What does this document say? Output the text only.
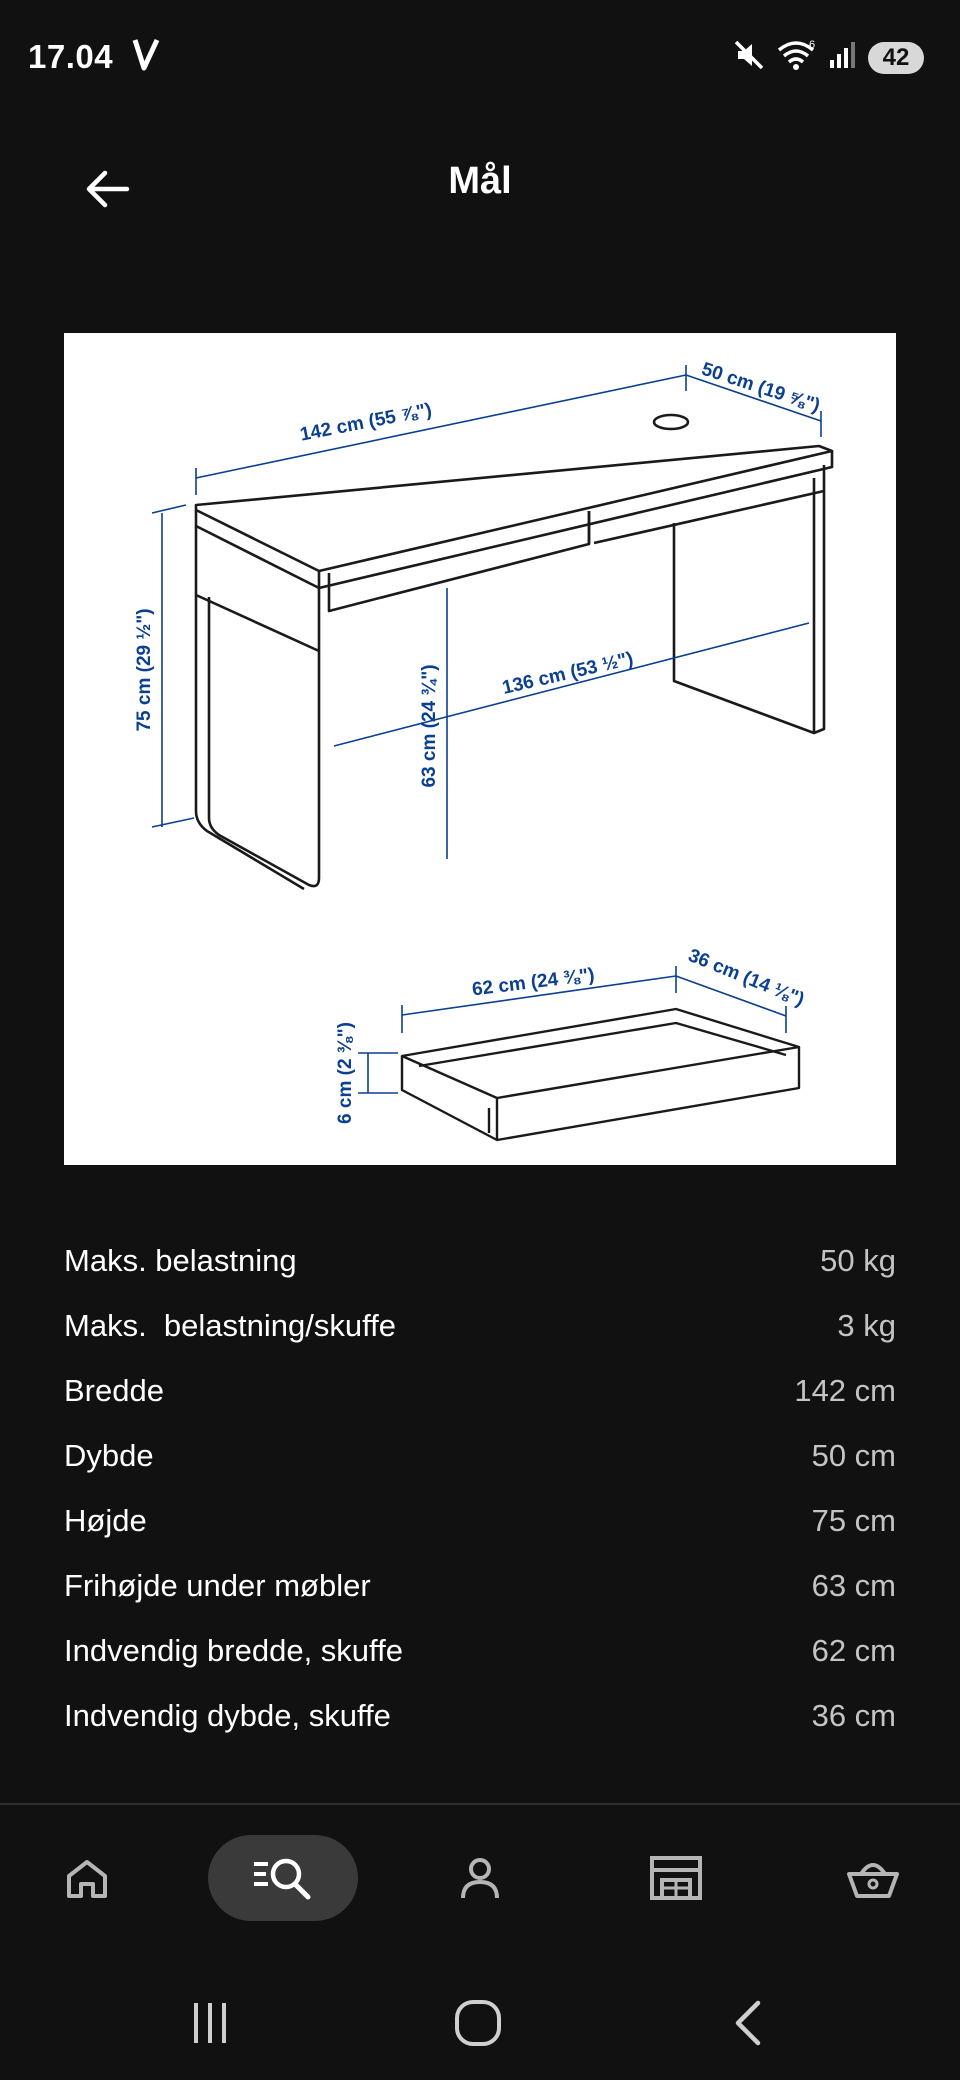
17.04	6	42
Mål
142 cm (55 ⅞")
50 cm (19 ⅝")
75 cm (29 ½")	63 cm (24 ¾")	136 cm (53 ½")
62 cm (24 ⅜")	36 cm (14 ⅛")
6 cm (2 ⅜")
Maks. belastning	50 kg
Maks.  belastning/skuffe	3 kg
Bredde	142 cm
Dybde	50 cm
Højde	75 cm
Frihøjde under møbler	63 cm
Indvendig bredde, skuffe	62 cm
Indvendig dybde, skuffe	36 cm
